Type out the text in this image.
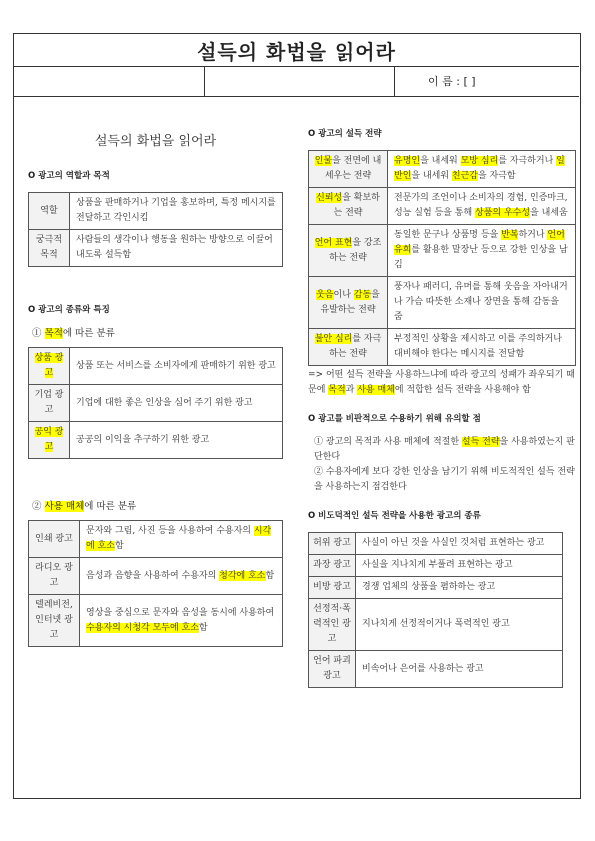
설득의 화법을 읽어라
이 름 : [ ]
설득의 화법을 읽어라
O 광고의 역할과 목적
역할	상품을 판매하거나 기업을 홍보하며, 특정 메시지를 전달하고 각인시킴
궁극적 목적	사람들의 생각이나 행동을 원하는 방향으로 이끌어 내도록 설득함
O 광고의 종류와 특징
① 목적에 따른 분류
상품 광고	상품 또는 서비스를 소비자에게 판매하기 위한 광고
기업 광고	기업에 대한 좋은 인상을 심어 주기 위한 광고
공익 광고	공공의 이익을 추구하기 위한 광고
② 사용 매체에 따른 분류
인쇄 광고	문자와 그림, 사진 등을 사용하여 수용자의 시각에 호소함
라디오 광고	음성과 음향을 사용하여 수용자의 청각에 호소함
텔레비전, 인터넷 광고	영상을 중심으로 문자와 음성을 동시에 사용하여 수용자의 시청각 모두에 호소함
O 광고의 설득 전략
인물을 전면에 내세우는 전략	유명인을 내세워 모방 심리를 자극하거나 일반인을 내세워 친근감을 자극함
신뢰성을 확보하는 전략	전문가의 조언이나 소비자의 경험, 인증마크, 성능 실험 등을 통해 상품의 우수성을 내세움
언어 표현을 강조하는 전략	동일한 문구나 상품명 등을 반복하거나 언어유희를 활용한 말장난 등으로 강한 인상을 남김
웃음이나 감동을 유발하는 전략	풍자나 패러디, 유머를 통해 웃음을 자아내거나 가슴 따뜻한 소재나 장면을 통해 감동을 줌
불안 심리를 자극하는 전략	부정적인 상황을 제시하고 이를 주의하거나 대비해야 한다는 메시지를 전달함
=> 어떤 설득 전략을 사용하느냐에 따라 광고의 성패가 좌우되기 때문에 목적과 사용 매체에 적합한 설득 전략을 사용해야 함
O 광고를 비판적으로 수용하기 위해 유의할 점
① 광고의 목적과 사용 매체에 적절한 설득 전략을 사용하였는지 판단한다
② 수용자에게 보다 강한 인상을 남기기 위해 비도적적인 설득 전략을 사용하는지 점검한다
O 비도덕적인 설득 전략을 사용한 광고의 종류
허위 광고	사실이 아닌 것을 사실인 것처럼 표현하는 광고
과장 광고	사실을 지나치게 부풀려 표현하는 광고
비방 광고	경쟁 업체의 상품을 폄하하는 광고
선정적·폭력적인 광고	지나치게 선정적이거나 폭력적인 광고
언어 파괴 광고	비속어나 은어를 사용하는 광고
